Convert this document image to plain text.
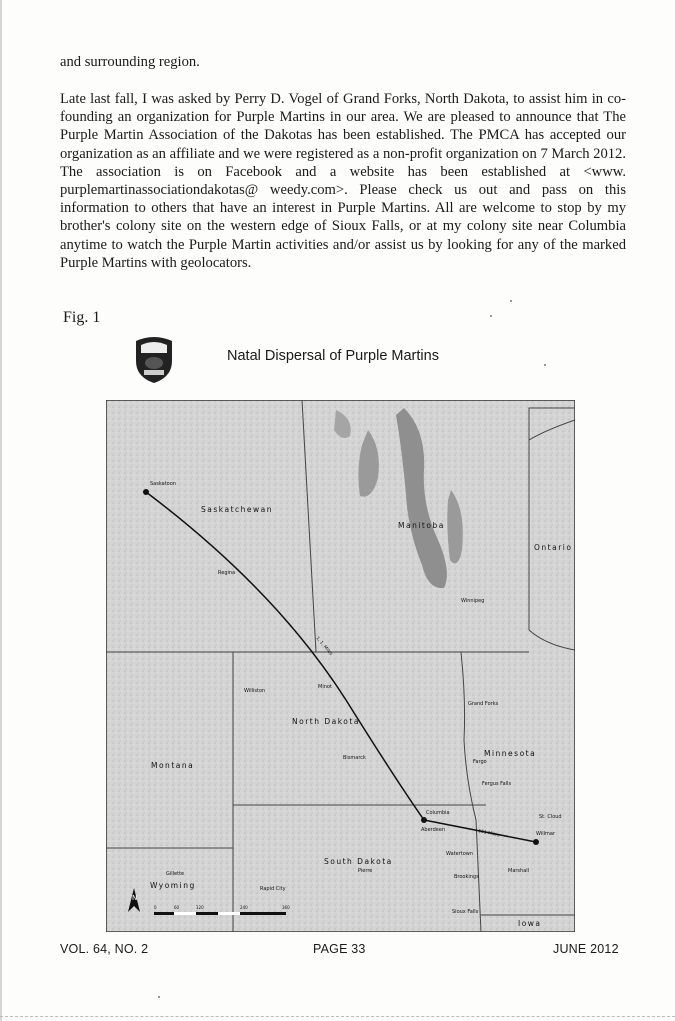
and surrounding region.
Late last fall, I was asked by Perry D. Vogel of Grand Forks, North Dakota, to assist him in co-founding an organization for Purple Martins in our area. We are pleased to announce that The Purple Martin Association of the Dakotas has been established. The PMCA has accepted our organization as an affiliate and we were registered as a non-profit organization on 7 March 2012. The association is on Facebook and a website has been established at <www. purplemartinassociationdakotas@ weedy.com>. Please check us out and pass on this information to others that have an interest in Purple Martins. All are welcome to stop by my brother's colony site on the western edge of Sioux Falls, or at my colony site near Columbia anytime to watch the Purple Martin activities and/or assist us by looking for any of the marked Purple Martins with geolocators.
Fig. 1
Natal Dispersal of Purple Martins
Saskatchewan
Manitoba
Ontario
North Dakota
Minnesota
Montana
South Dakota
Wyoming
Iowa
Saskatoon
Regina
Winnipeg
Williston
Minot
Grand Forks
Bismarck
Fargo
Fergus Falls
Columbia
Aberdeen
St. Cloud
Willmar
Watertown
Pierre
Brookings
Marshall
Rapid City
Gillette
Sioux Falls
1, 1, Miles
161 Miles
N
0	60	120	240	360
VOL. 64, NO. 2	PAGE 33	JUNE 2012
